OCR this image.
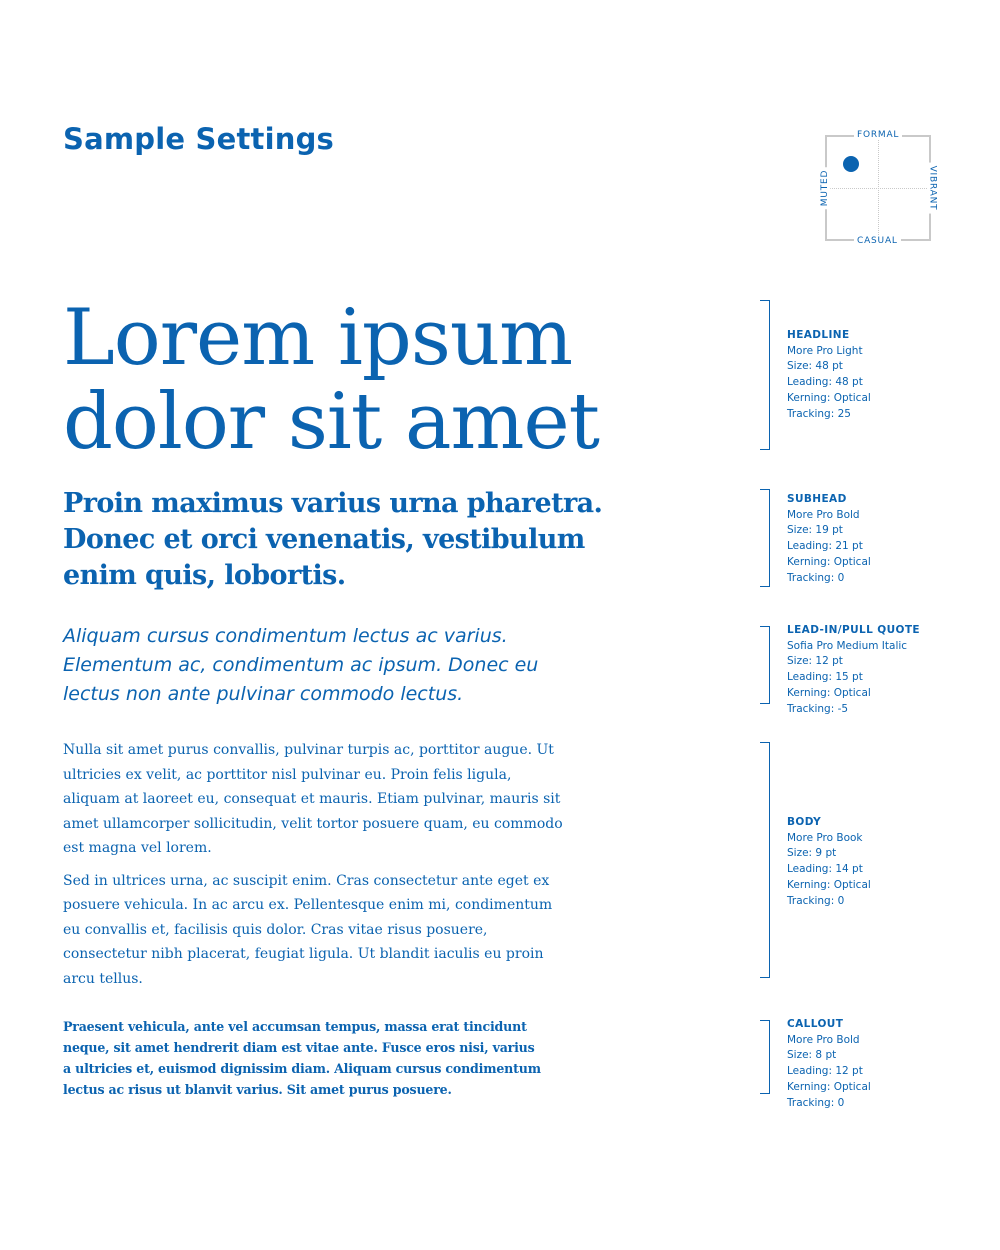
Sample Settings	FORMAL
CASUAL
MUTED	VIBRANT
Lorem ipsum
dolor sit amet

Proin maximus varius urna pharetra. Donec et orci venenatis, vestibulum enim quis, lobortis.

Aliquam cursus condimentum lectus ac varius. Elementum ac, condimentum ac ipsum. Donec eu lectus non ante pulvinar commodo lectus.

Nulla sit amet purus convallis, pulvinar turpis ac, porttitor augue. Ut ultricies ex velit, ac porttitor nisl pulvinar eu. Proin felis ligula, aliquam at laoreet eu, consequat et mauris. Etiam pulvinar, mauris sit amet ullamcorper sollicitudin, velit tortor posuere quam, eu commodo est magna vel lorem.

Sed in ultrices urna, ac suscipit enim. Cras consectetur ante eget ex posuere vehicula. In ac arcu ex. Pellentesque enim mi, condimentum eu convallis et, facilisis quis dolor. Cras vitae risus posuere, consectetur nibh placerat, feugiat ligula. Ut blandit iaculis eu proin arcu tellus.

Praesent vehicula, ante vel accumsan tempus, massa erat tincidunt neque, sit amet hendrerit diam est vitae ante. Fusce eros nisi, varius a ultricies et, euismod dignissim diam. Aliquam cursus condimentum lectus ac risus ut blanvit varius. Sit amet purus posuere.

HEADLINE
More Pro Light
Size: 48 pt
Leading: 48 pt
Kerning: Optical
Tracking: 25
SUBHEAD
More Pro Bold
Size: 19 pt
Leading: 21 pt
Kerning: Optical
Tracking: 0
LEAD-IN/PULL QUOTE
Sofia Pro Medium Italic
Size: 12 pt
Leading: 15 pt
Kerning: Optical
Tracking: -5
BODY
More Pro Book
Size: 9 pt
Leading: 14 pt
Kerning: Optical
Tracking: 0
CALLOUT
More Pro Bold
Size: 8 pt
Leading: 12 pt
Kerning: Optical
Tracking: 0
